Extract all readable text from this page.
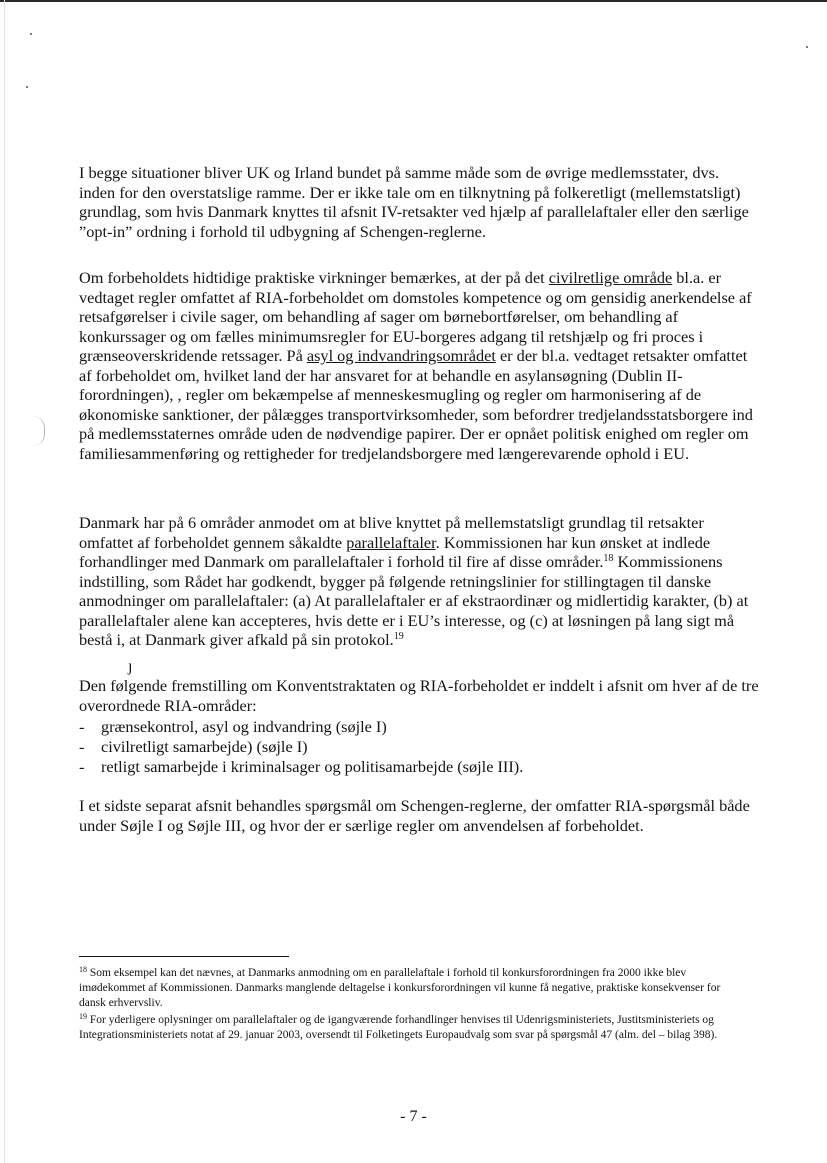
I begge situationer bliver UK og Irland bundet på samme måde som de øvrige medlemsstater, dvs. inden for den overstatslige ramme. Der er ikke tale om en tilknytning på folkeretligt (mellemstatsligt) grundlag, som hvis Danmark knyttes til afsnit IV-retsakter ved hjælp af parallelaftaler eller den særlige ”opt-in” ordning i forhold til udbygning af Schengen-reglerne.

Om forbeholdets hidtidige praktiske virkninger bemærkes, at der på det civilretlige område bl.a. er vedtaget regler omfattet af RIA-forbeholdet om domstoles kompetence og om gensidig anerkendelse af retsafgørelser i civile sager, om behandling af sager om børnebortførelser, om behandling af konkurssager og om fælles minimumsregler for EU-borgeres adgang til retshjælp og fri proces i grænseoverskridende retssager. På asyl og indvandringsområdet er der bl.a. vedtaget retsakter omfattet af forbeholdet om, hvilket land der har ansvaret for at behandle en asylansøgning (Dublin II-forordningen), , regler om bekæmpelse af menneskesmugling og regler om harmonisering af de økonomiske sanktioner, der pålægges transportvirksomheder, som befordrer tredjelandsstatsborgere ind på medlemsstaternes område uden de nødvendige papirer. Der er opnået politisk enighed om regler om familiesammenføring og rettigheder for tredjelandsborgere med længerevarende ophold i EU.

Danmark har på 6 områder anmodet om at blive knyttet på mellemstatsligt grundlag til retsakter omfattet af forbeholdet gennem såkaldte parallelaftaler. Kommissionen har kun ønsket at indlede forhandlinger med Danmark om parallelaftaler i forhold til fire af disse områder.$^{18}$ Kommissionens indstilling, som Rådet har godkendt, bygger på følgende retningslinier for stillingtagen til danske anmodninger om parallelaftaler: (a) At parallelaftaler er af ekstraordinær og midlertidig karakter, (b) at parallelaftaler alene kan accepteres, hvis dette er i EU’s interesse, og (c) at løsningen på lang sigt må bestå i, at Danmark giver afkald på sin protokol.$^{19}$

ȷ

Den følgende fremstilling om Konventstraktaten og RIA-forbeholdet er inddelt i afsnit om hver af de tre overordnede RIA-områder:

- grænsekontrol, asyl og indvandring (søjle I)
- civilretligt samarbejde) (søjle I)
- retligt samarbejde i kriminalsager og politisamarbejde (søjle III).

I et sidste separat afsnit behandles spørgsmål om Schengen-reglerne, der omfatter RIA-spørgsmål både under Søjle I og Søjle III, og hvor der er særlige regler om anvendelsen af forbeholdet.

$^{18}$ Som eksempel kan det nævnes, at Danmarks anmodning om en parallelaftale i forhold til konkursforordningen fra 2000 ikke blev imødekommet af Kommissionen. Danmarks manglende deltagelse i konkursforordningen vil kunne få negative, praktiske konsekvenser for dansk erhvervsliv.

$^{19}$ For yderligere oplysninger om parallelaftaler og de igangværende forhandlinger henvises til Udenrigsministeriets, Justitsministeriets og Integrationsministeriets notat af 29. januar 2003, oversendt til Folketingets Europaudvalg som svar på spørgsmål 47 (alm. del – bilag 398).

- 7 -
